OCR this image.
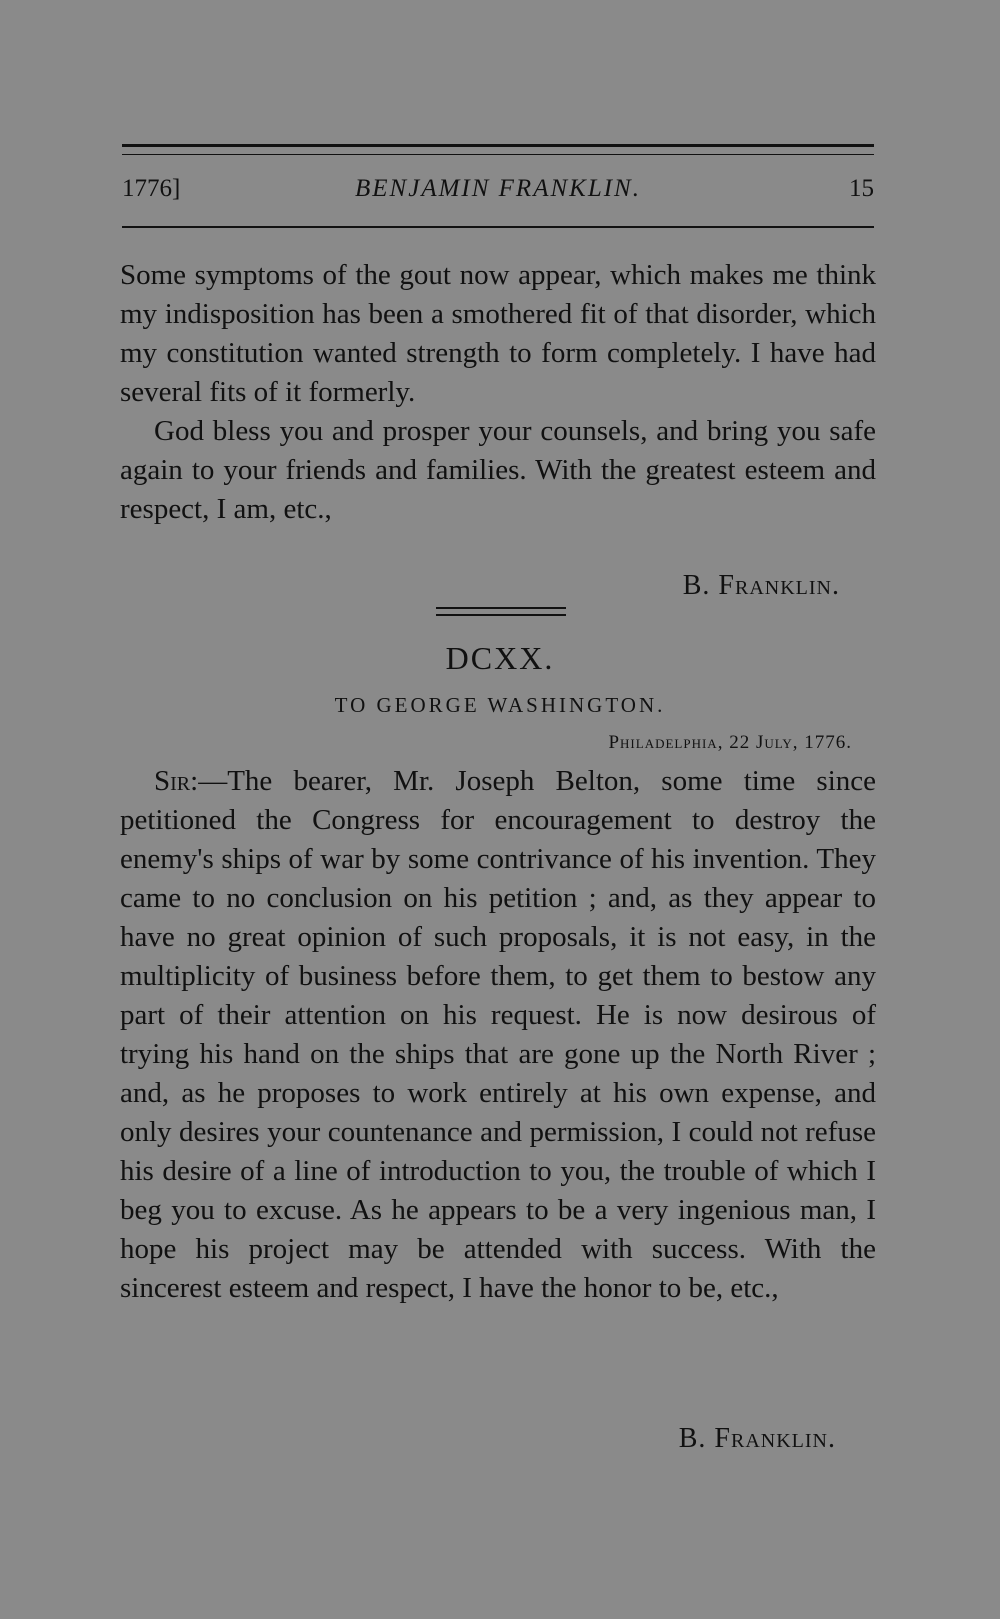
1776]	BENJAMIN FRANKLIN.	15

Some symptoms of the gout now appear, which makes me think my indisposition has been a smothered fit of that disorder, which my constitution wanted strength to form completely. I have had several fits of it formerly.

God bless you and prosper your counsels, and bring you safe again to your friends and families. With the greatest esteem and respect, I am, etc.,

B. Franklin.
DCXX.
TO GEORGE WASHINGTON.
Philadelphia, 22 July, 1776.

Sir:—The bearer, Mr. Joseph Belton, some time since petitioned the Congress for encouragement to destroy the enemy's ships of war by some contrivance of his invention. They came to no conclusion on his petition ; and, as they appear to have no great opinion of such proposals, it is not easy, in the multiplicity of business before them, to get them to bestow any part of their attention on his request. He is now desirous of trying his hand on the ships that are gone up the North River ; and, as he proposes to work entirely at his own expense, and only desires your countenance and permission, I could not refuse his desire of a line of introduction to you, the trouble of which I beg you to excuse. As he appears to be a very ingenious man, I hope his project may be attended with success. With the sincerest esteem and respect, I have the honor to be, etc.,

B. Franklin.
